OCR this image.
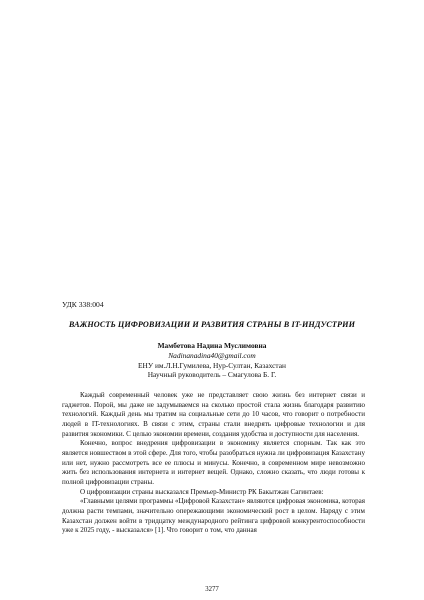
УДК 338:004
ВАЖНОСТЬ ЦИФРОВИЗАЦИИ И РАЗВИТИЯ СТРАНЫ В IT-ИНДУСТРИИ
Мамбетова Надина Муслимовна
Nadinanadina40@gmail.com
ЕНУ им.Л.Н.Гумилева, Нур-Султан, Казахстан
Научный руководитель – Смагулова Б. Г.

Каждый современный человек уже не представляет свою жизнь без интернет связи и гаджетов. Порой, мы даже не задумываемся на сколько простой стала жизнь благодаря развитию технологий. Каждый день мы тратим на социальные сети до 10 часов, что говорит о потребности людей в IT-технологиях. В связи с этим, страны стали внедрять цифровые технологии и для развития экономики. С целью экономии времени, создания удобства и доступности для населения.

Конечно, вопрос внедрения цифровизации в экономику является спорным. Так как это является новшеством в этой сфере. Для того, чтобы разобраться нужна ли цифровизация Казахстану или нет, нужно рассмотреть все ее плюсы и минусы. Конечно, в современном мире невозможно жить без использования интернета и интернет вещей. Однако, сложно сказать, что люди готовы к полной цифровизации страны.

О цифровизации страны высказался Премьер-Министр РК Бакытжан Сагинтаев:

«Главными целями программы «Цифровой Казахстан» являются цифровая экономика, которая должна расти темпами, значительно опережающими экономический рост в целом. Наряду с этим Казахстан должен войти в тридцатку международного рейтинга цифровой конкурентоспособности уже к 2025 году, - высказался» [1]. Что говорит о том, что данная

3277
